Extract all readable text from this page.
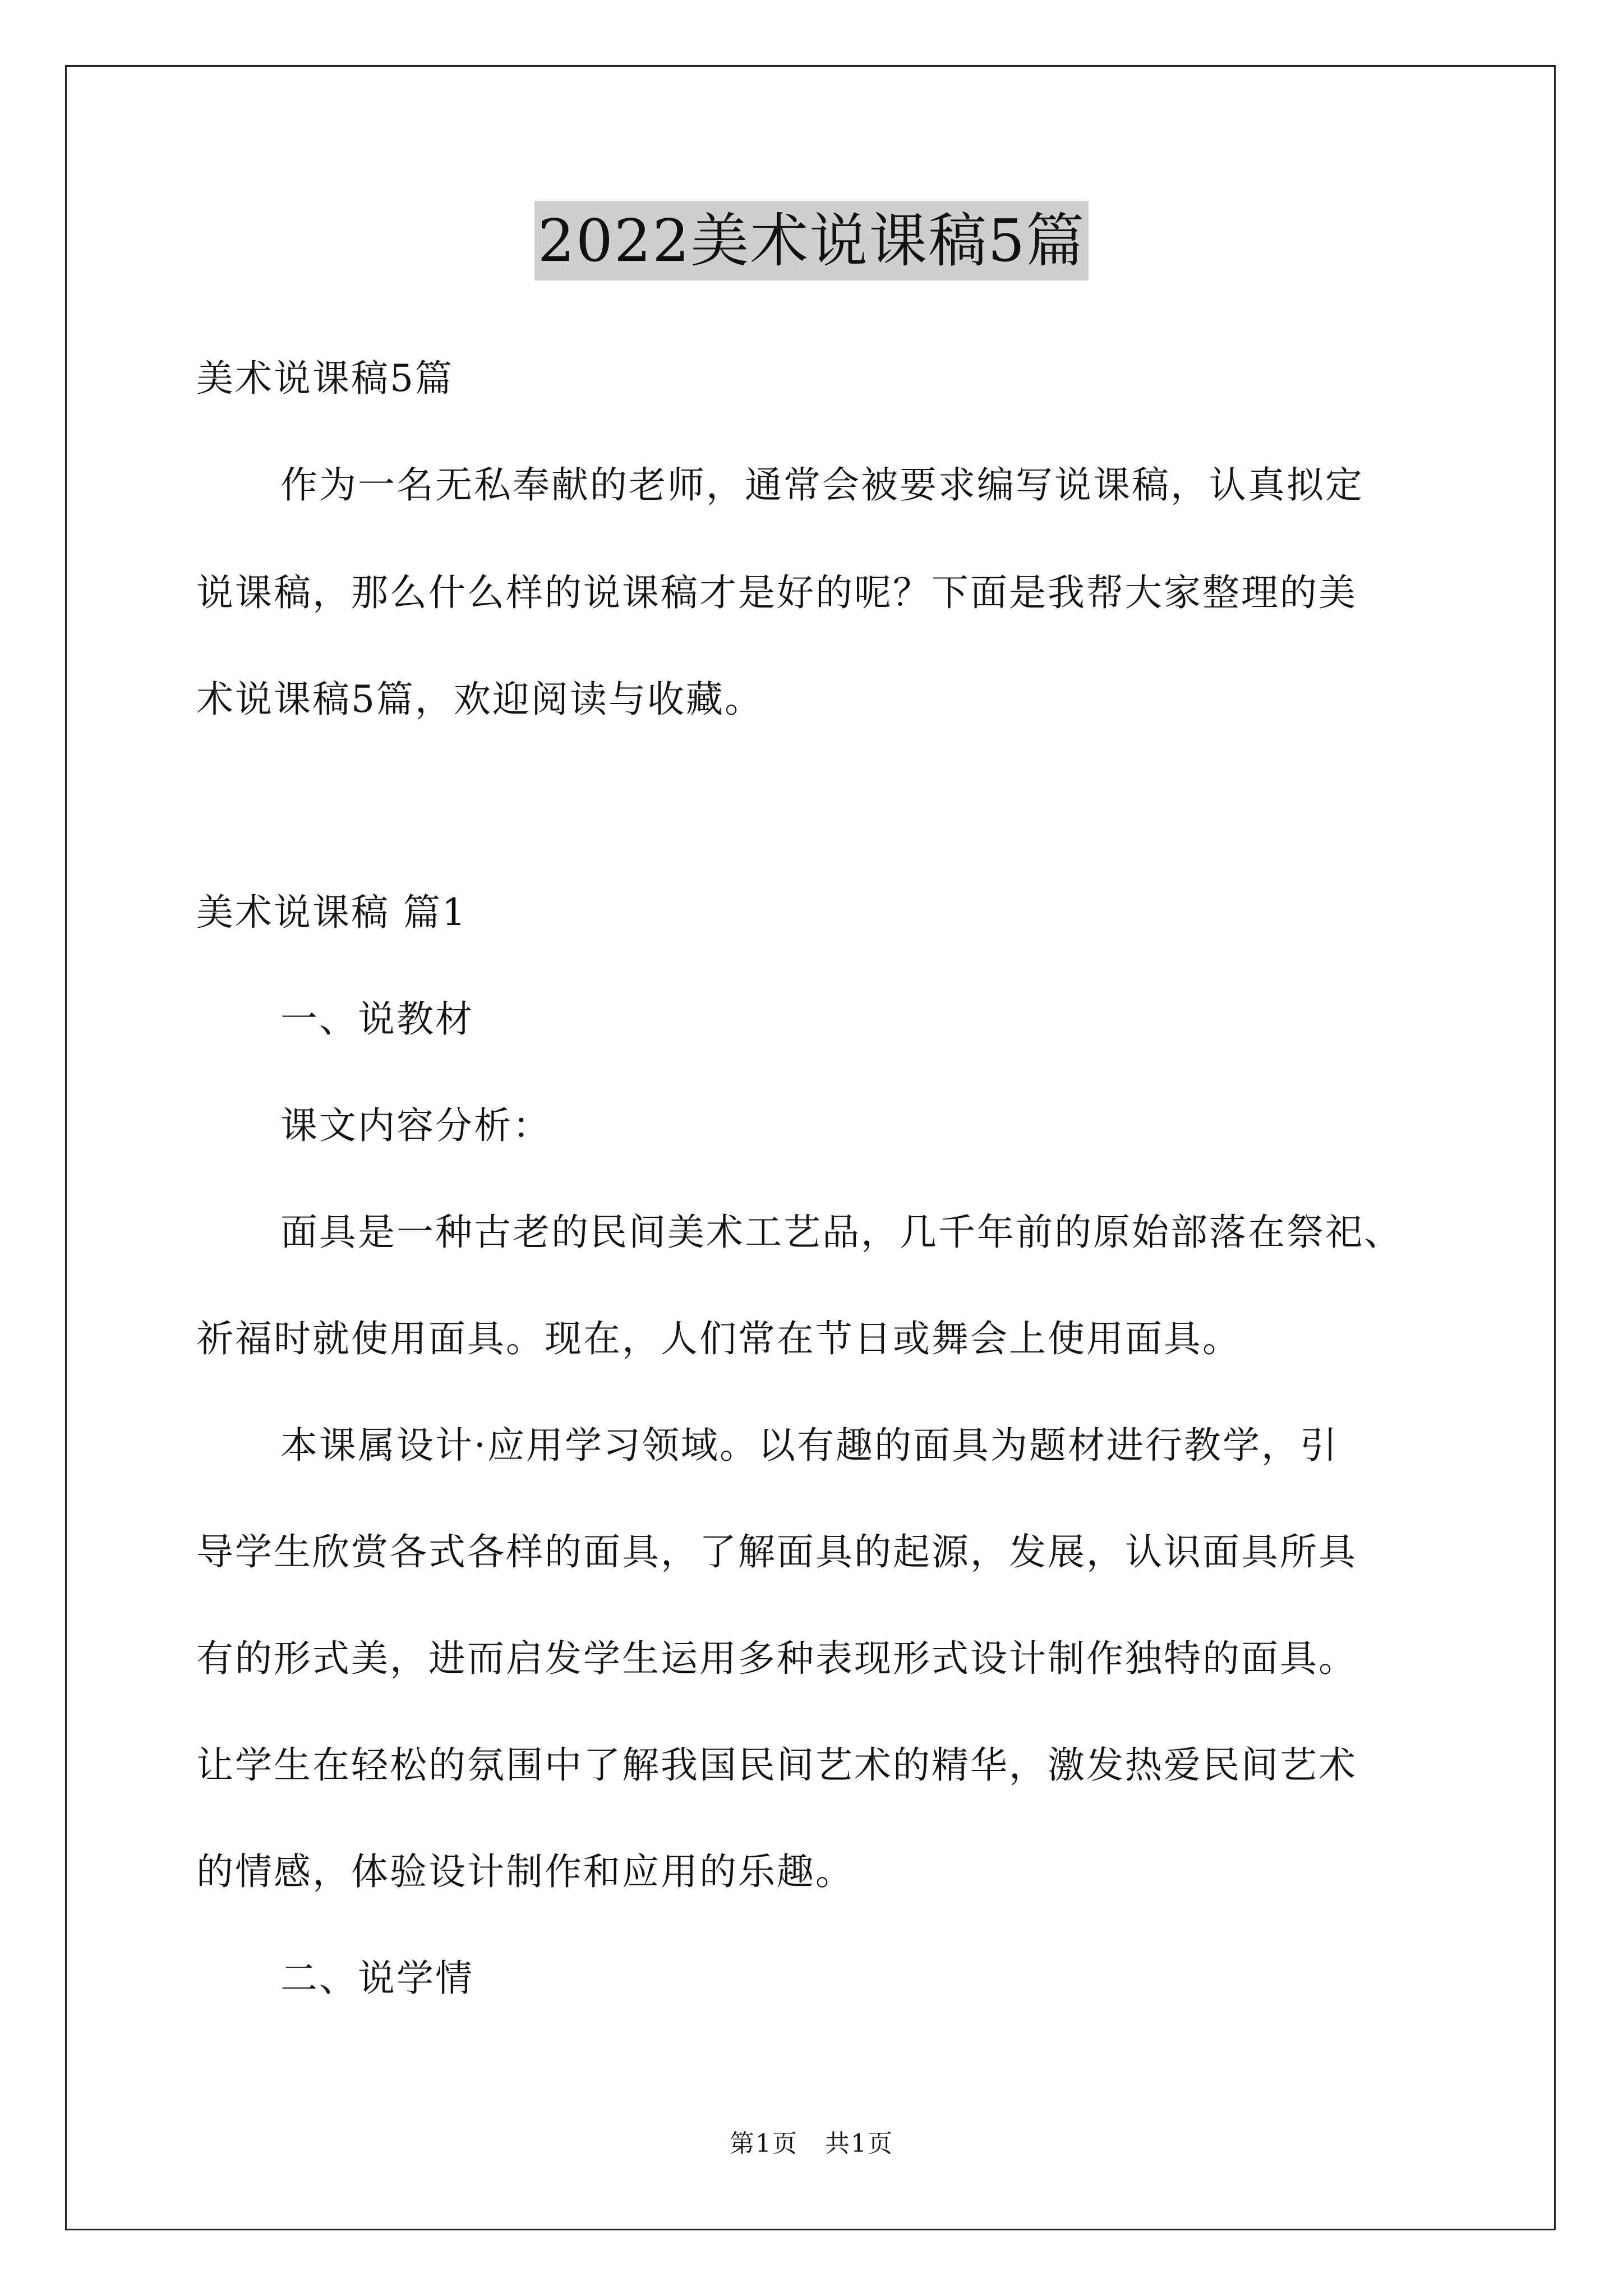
2022美术说课稿5篇
美术说课稿5篇
作为一名无私奉献的老师，通常会被要求编写说课稿，认真拟定
说课稿，那么什么样的说课稿才是好的呢？下面是我帮大家整理的美
术说课稿5篇，欢迎阅读与收藏。
美术说课稿 篇1
一、说教材
课文内容分析：
面具是一种古老的民间美术工艺品，几千年前的原始部落在祭祀、
祈福时就使用面具。现在，人们常在节日或舞会上使用面具。
本课属设计·应用学习领域。以有趣的面具为题材进行教学，引
导学生欣赏各式各样的面具，了解面具的起源，发展，认识面具所具
有的形式美，进而启发学生运用多种表现形式设计制作独特的面具。
让学生在轻松的氛围中了解我国民间艺术的精华，激发热爱民间艺术
的情感，体验设计制作和应用的乐趣。
二、说学情
第1页 共1页
